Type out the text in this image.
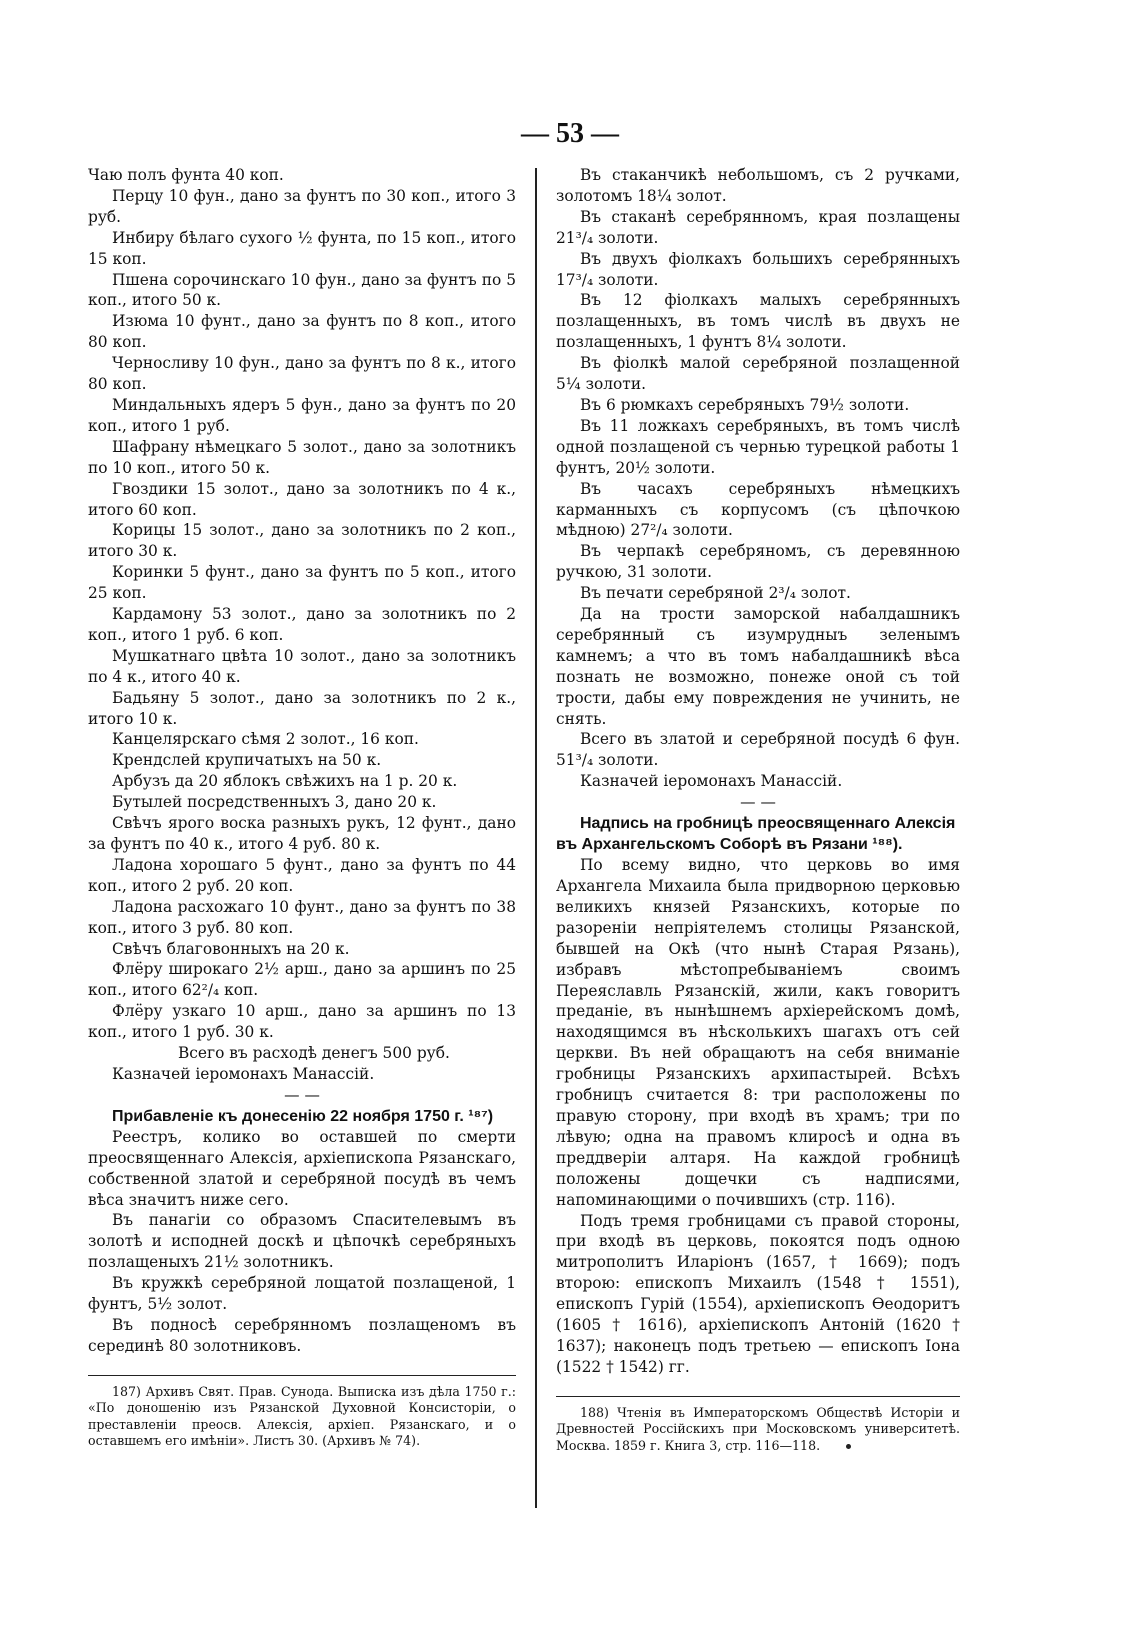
— 53 —

Чаю полъ фунта 40 коп.

Перцу 10 фун., дано за фунтъ по 30 коп., итого 3 руб.

Инбиру бѣлаго сухого ½ фунта, по 15 коп., итого 15 коп.

Пшена сорочинскаго 10 фун., дано за фунтъ по 5 коп., итого 50 к.

Изюма 10 фунт., дано за фунтъ по 8 коп., итого 80 коп.

Черносливу 10 фун., дано за фунтъ по 8 к., итого 80 коп.

Миндальныхъ ядеръ 5 фун., дано за фунтъ по 20 коп., итого 1 руб.

Шафрану нѣмецкаго 5 золот., дано за золотникъ по 10 коп., итого 50 к.

Гвоздики 15 золот., дано за золотникъ по 4 к., итого 60 коп.

Корицы 15 золот., дано за золотникъ по 2 коп., итого 30 к.

Коринки 5 фунт., дано за фунтъ по 5 коп., итого 25 коп.

Кардамону 53 золот., дано за золотникъ по 2 коп., итого 1 руб. 6 коп.

Мушкатнаго цвѣта 10 золот., дано за золотникъ по 4 к., итого 40 к.

Бадьяну 5 золот., дано за золотникъ по 2 к., итого 10 к.

Канцелярскаго сѣмя 2 золот., 16 коп.

Крендслей крупичатыхъ на 50 к.

Арбузъ да 20 яблокъ свѣжихъ на 1 р. 20 к.

Бутылей посредственныхъ 3, дано 20 к.

Свѣчъ ярого воска разныхъ рукъ, 12 фунт., дано за фунтъ по 40 к., итого 4 руб. 80 к.

Ладона хорошаго 5 фунт., дано за фунтъ по 44 коп., итого 2 руб. 20 коп.

Ладона расхожаго 10 фунт., дано за фунтъ по 38 коп., итого 3 руб. 80 коп.

Свѣчъ благовонныхъ на 20 к.

Флёру широкаго 2½ арш., дано за аршинъ по 25 коп., итого 62²/₄ коп.

Флёру узкаго 10 арш., дано за аршинъ по 13 коп., итого 1 руб. 30 к.

Всего въ расходѣ денегъ 500 руб.

Казначей іеромонахъ Манассій.

— —

Прибавленіе къ донесенію 22 ноября 1750 г. ¹⁸⁷)

Реестръ, колико во оставшей по смерти преосвященнаго Алексія, архіепископа Рязанскаго, собственной златой и серебряной посудѣ въ чемъ вѣса значитъ ниже сего.

Въ панагіи со образомъ Спасителевымъ въ золотѣ и исподней доскѣ и цѣпочкѣ серебряныхъ позлащеныхъ 21½ золотникъ.

Въ кружкѣ серебряной лощатой позлащеной, 1 фунтъ, 5½ золот.

Въ подносѣ серебрянномъ позлащеномъ въ серединѣ 80 золотниковъ.

187) Архивъ Свят. Прав. Сунода. Выписка изъ дѣла 1750 г.: «По доношенію изъ Рязанской Духовной Консисторіи, о преставленіи преосв. Алексія, архіеп. Рязанскаго, и о оставшемъ его имѣніи». Листъ 30. (Архивъ № 74).

Въ стаканчикѣ небольшомъ, съ 2 ручками, золотомъ 18¼ золот.

Въ стаканѣ серебрянномъ, края позлащены 21³/₄ золоти.

Въ двухъ фіолкахъ большихъ серебрянныхъ 17³/₄ золоти.

Въ 12 фіолкахъ малыхъ серебрянныхъ позлащенныхъ, въ томъ числѣ въ двухъ не позлащенныхъ, 1 фунтъ 8¼ золоти.

Въ фіолкѣ малой серебряной позлащенной 5¼ золоти.

Въ 6 рюмкахъ серебряныхъ 79½ золоти.

Въ 11 ложкахъ серебряныхъ, въ томъ числѣ одной позлащеной съ чернью турецкой работы 1 фунтъ, 20½ золоти.

Въ часахъ серебряныхъ нѣмецкихъ карманныхъ съ корпусомъ (съ цѣпочкою мѣдною) 27²/₄ золоти.

Въ черпакѣ серебряномъ, съ деревянною ручкою, 31 золоти.

Въ печати серебряной 2³/₄ золот.

Да на трости заморской набалдашникъ серебрянный съ изумрудныъ зеленымъ камнемъ; а что въ томъ набалдашникѣ вѣса познать не возможно, понеже оной съ той трости, дабы ему повреждения не учинить, не снять.

Всего въ златой и серебряной посудѣ 6 фун. 51³/₄ золоти.

Казначей іеромонахъ Манассій.

— —

Надпись на гробницѣ преосвященнаго Алексія въ Архангельскомъ Соборѣ въ Рязани ¹⁸⁸).

По всему видно, что церковь во имя Архангела Михаила была придворною церковью великихъ князей Рязанскихъ, которые по разореніи непріятелемъ столицы Рязанской, бывшей на Окѣ (что нынѣ Старая Рязань), избравъ мѣстопребываніемъ своимъ Переяславль Рязанскій, жили, какъ говоритъ преданіе, въ нынѣшнемъ архіерейскомъ домѣ, находящимся въ нѣсколькихъ шагахъ отъ сей церкви. Въ ней обращаютъ на себя вниманіе гробницы Рязанскихъ архипастырей. Всѣхъ гробницъ считается 8: три расположены по правую сторону, при входѣ въ храмъ; три по лѣвую; одна на правомъ клиросѣ и одна въ преддверіи алтаря. На каждой гробницѣ положены дощечки съ надписями, напоминающими о почившихъ (стр. 116).

Подъ тремя гробницами съ правой стороны, при входѣ въ церковь, покоятся подъ одною митрополитъ Иларіонъ (1657, † 1669); подъ второю: епископъ Михаилъ (1548 † 1551), епископъ Гурій (1554), архіепископъ Ѳеодоритъ (1605 † 1616), архіепископъ Антоній (1620 † 1637); наконецъ подъ третьею — епископъ Іона (1522 † 1542) гг.

188) Чтенія въ Императорскомъ Обществѣ Исторіи и Древностей Россійскихъ при Московскомъ университетѣ. Москва. 1859 г. Книга 3, стр. 116—118.
